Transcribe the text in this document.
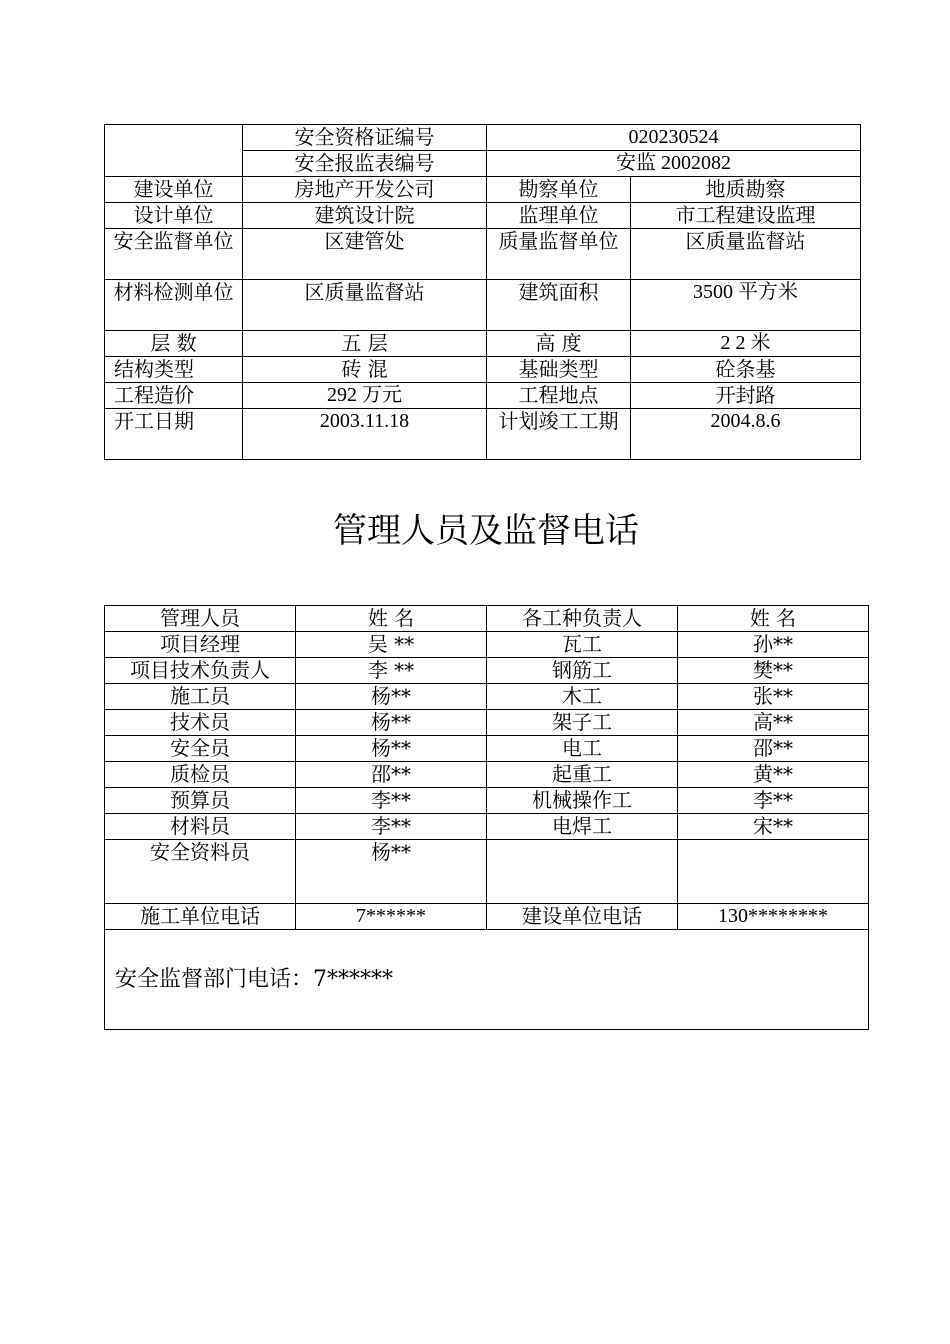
	安全资格证编号	020230524	
	安全报监表编号	安监 2002082	
建设单位	房地产开发公司	勘察单位	地质勘察
设计单位	建筑设计院	监理单位	市工程建设监理
安全监督单位	区建管处	质量监督单位	区质量监督站
材料检测单位	区质量监督站	建筑面积	3500 平方米
层 数	五 层	高 度	2 2 米
结构类型	砖 混	基础类型	砼条基
工程造价	292 万元	工程地点	开封路
开工日期	2003.11.18	计划竣工工期	2004.8.6
管理人员及监督电话
管理人员	姓 名	各工种负责人	姓 名
项目经理	吴 **	瓦工	孙**
项目技术负责人	李 **	钢筋工	樊**
施工员	杨**	木工	张**
技术员	杨**	架子工	高**
安全员	杨**	电工	邵**
质检员	邵**	起重工	黄**
预算员	李**	机械操作工	李**
材料员	李**	电焊工	宋**
安全资料员	杨**		
施工单位电话	7******	建设单位电话	130********
安全监督部门电话：7******			
